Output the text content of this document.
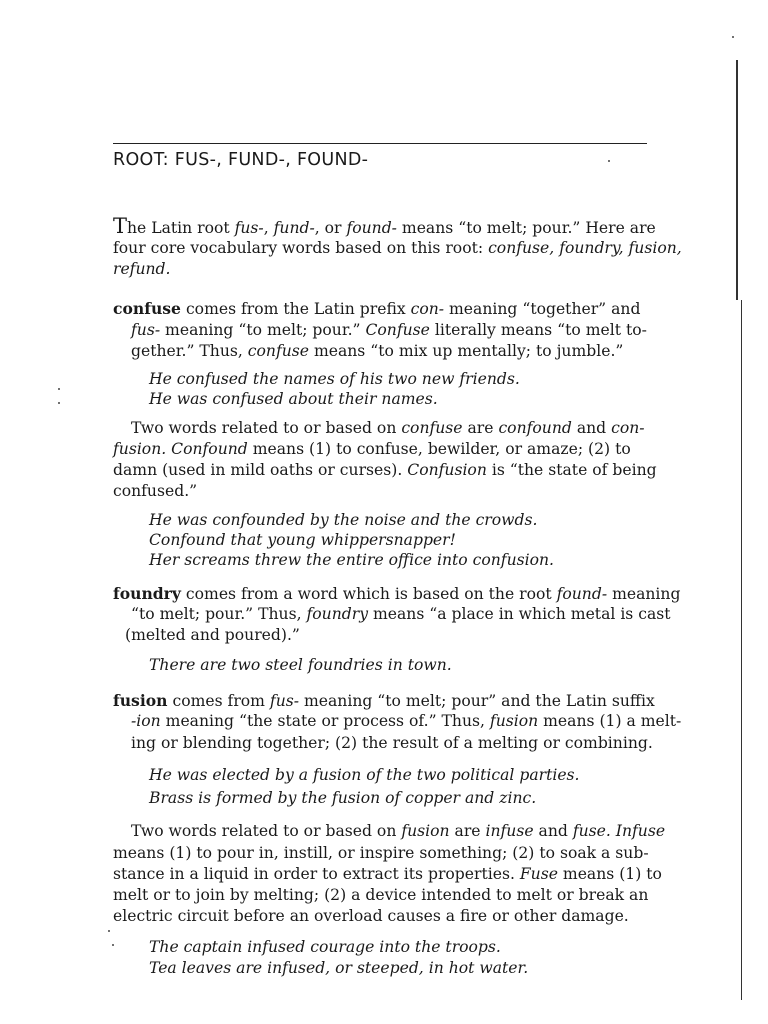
ROOT: FUS-, FUND-, FOUND-
The Latin root fus-, fund-, or found- means “to melt; pour.” Here are
four core vocabulary words based on this root: confuse, foundry, fusion,
refund.
confuse comes from the Latin prefix con- meaning “together” and
fus- meaning “to melt; pour.” Confuse literally means “to melt to-
gether.” Thus, confuse means “to mix up mentally; to jumble.”
He confused the names of his two new friends.
He was confused about their names.
Two words related to or based on confuse are confound and con-
fusion. Confound means (1) to confuse, bewilder, or amaze; (2) to
damn (used in mild oaths or curses). Confusion is “the state of being
confused.”
He was confounded by the noise and the crowds.
Confound that young whippersnapper!
Her screams threw the entire office into confusion.
foundry comes from a word which is based on the root found- meaning
“to melt; pour.” Thus, foundry means “a place in which metal is cast
(melted and poured).”
There are two steel foundries in town.
fusion comes from fus- meaning “to melt; pour” and the Latin suffix
-ion meaning “the state or process of.” Thus, fusion means (1) a melt-
ing or blending together; (2) the result of a melting or combining.
He was elected by a fusion of the two political parties.
Brass is formed by the fusion of copper and zinc.
Two words related to or based on fusion are infuse and fuse. Infuse
means (1) to pour in, instill, or inspire something; (2) to soak a sub-
stance in a liquid in order to extract its properties. Fuse means (1) to
melt or to join by melting; (2) a device intended to melt or break an
electric circuit before an overload causes a fire or other damage.
The captain infused courage into the troops.
Tea leaves are infused, or steeped, in hot water.
